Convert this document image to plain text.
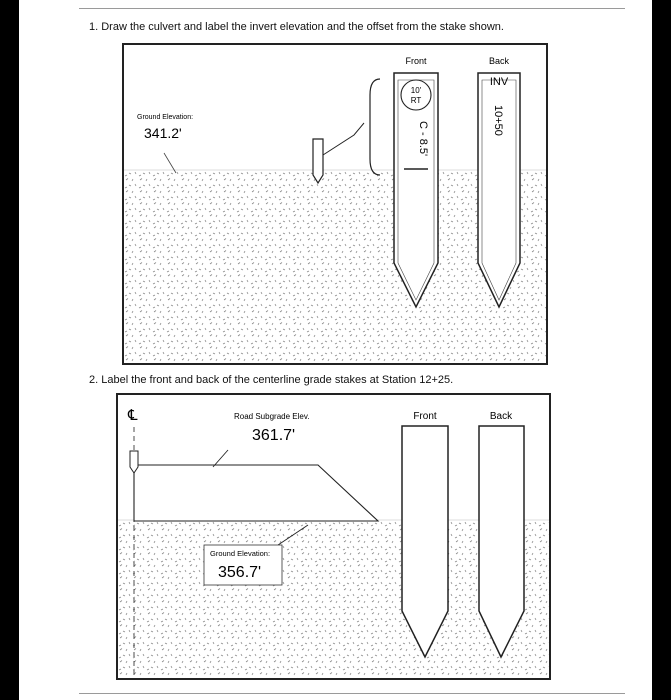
1. Draw the culvert and label the invert elevation and the offset from the stake shown.
Front	Back
10'
RT
C - 8.5'
INV
10+50
Ground Elevation:
341.2'
2. Label the front and back of the centerline grade stakes at Station 12+25.
℄	Front	Back
Road Subgrade Elev.
361.7'
Ground Elevation:
356.7'
